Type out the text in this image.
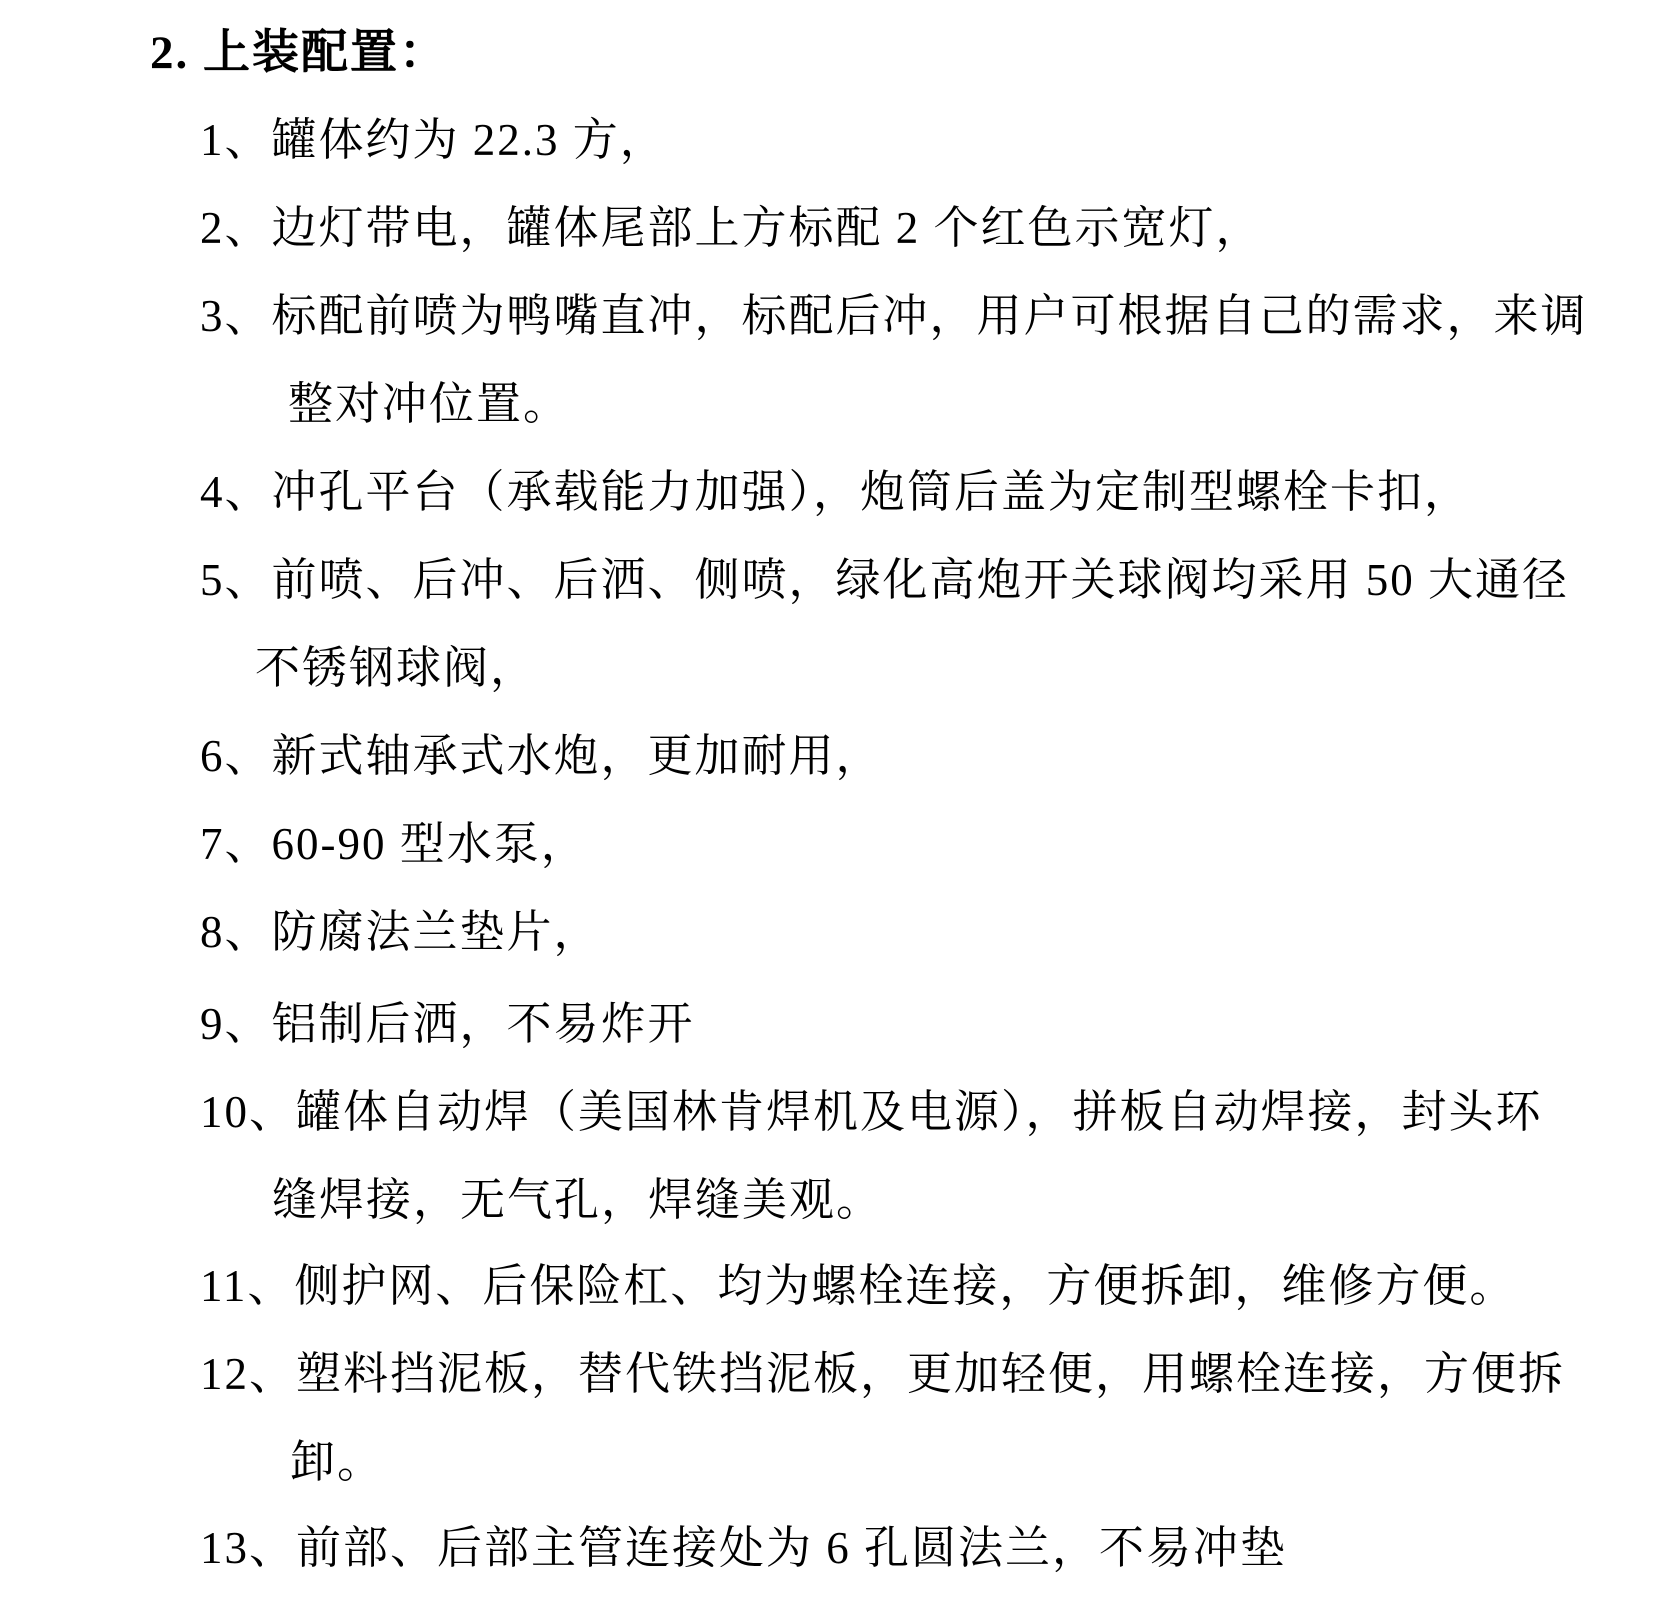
2. 上装配置：
1、罐体约为 22.3 方，
2、边灯带电，罐体尾部上方标配 2 个红色示宽灯，
3、标配前喷为鸭嘴直冲，标配后冲，用户可根据自己的需求，来调
整对冲位置。
4、冲孔平台（承载能力加强），炮筒后盖为定制型螺栓卡扣，
5、前喷、后冲、后洒、侧喷，绿化高炮开关球阀均采用 50 大通径
不锈钢球阀，
6、新式轴承式水炮，更加耐用，
7、60-90 型水泵，
8、防腐法兰垫片，
9、铝制后洒，不易炸开
10、罐体自动焊（美国林肯焊机及电源），拼板自动焊接，封头环
缝焊接，无气孔，焊缝美观。
11、侧护网、后保险杠、均为螺栓连接，方便拆卸，维修方便。
12、塑料挡泥板，替代铁挡泥板，更加轻便，用螺栓连接，方便拆
卸。
13、前部、后部主管连接处为 6 孔圆法兰，不易冲垫
